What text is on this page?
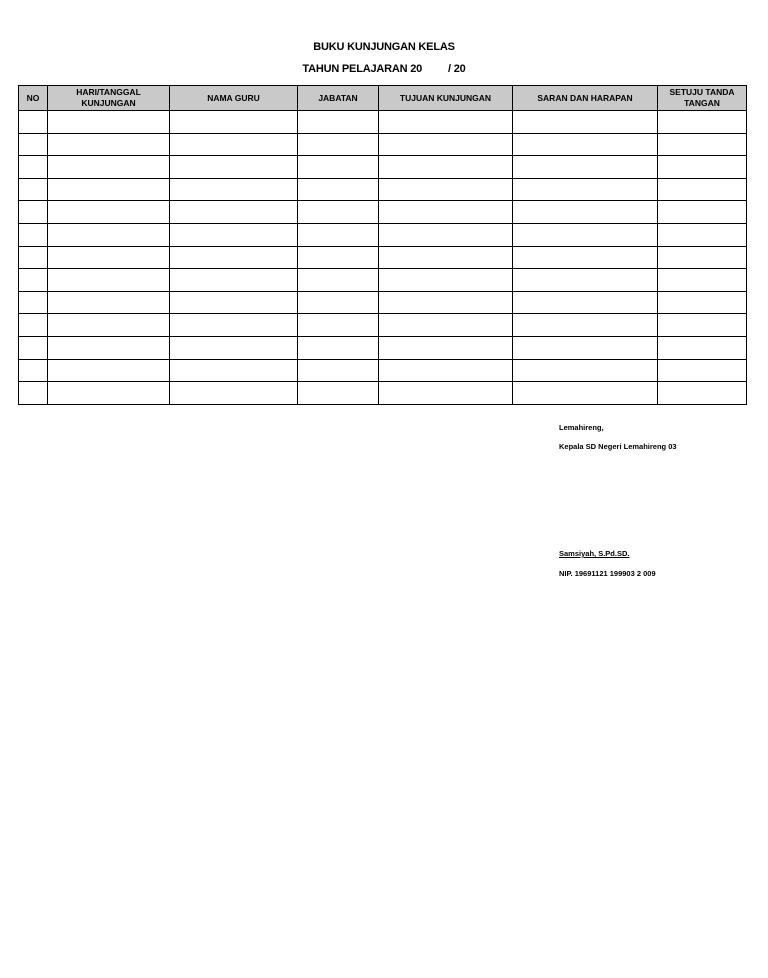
BUKU KUNJUNGAN KELAS
TAHUN PELAJARAN 20 / 20
NO	HARI/TANGGAL KUNJUNGAN	NAMA GURU	JABATAN	TUJUAN KUNJUNGAN	SARAN DAN HARAPAN	SETUJU TANDA TANGAN

Lemahireng,
Kepala SD Negeri Lemahireng 03
Samsiyah, S.Pd.SD.
NIP. 19691121 199903 2 009
